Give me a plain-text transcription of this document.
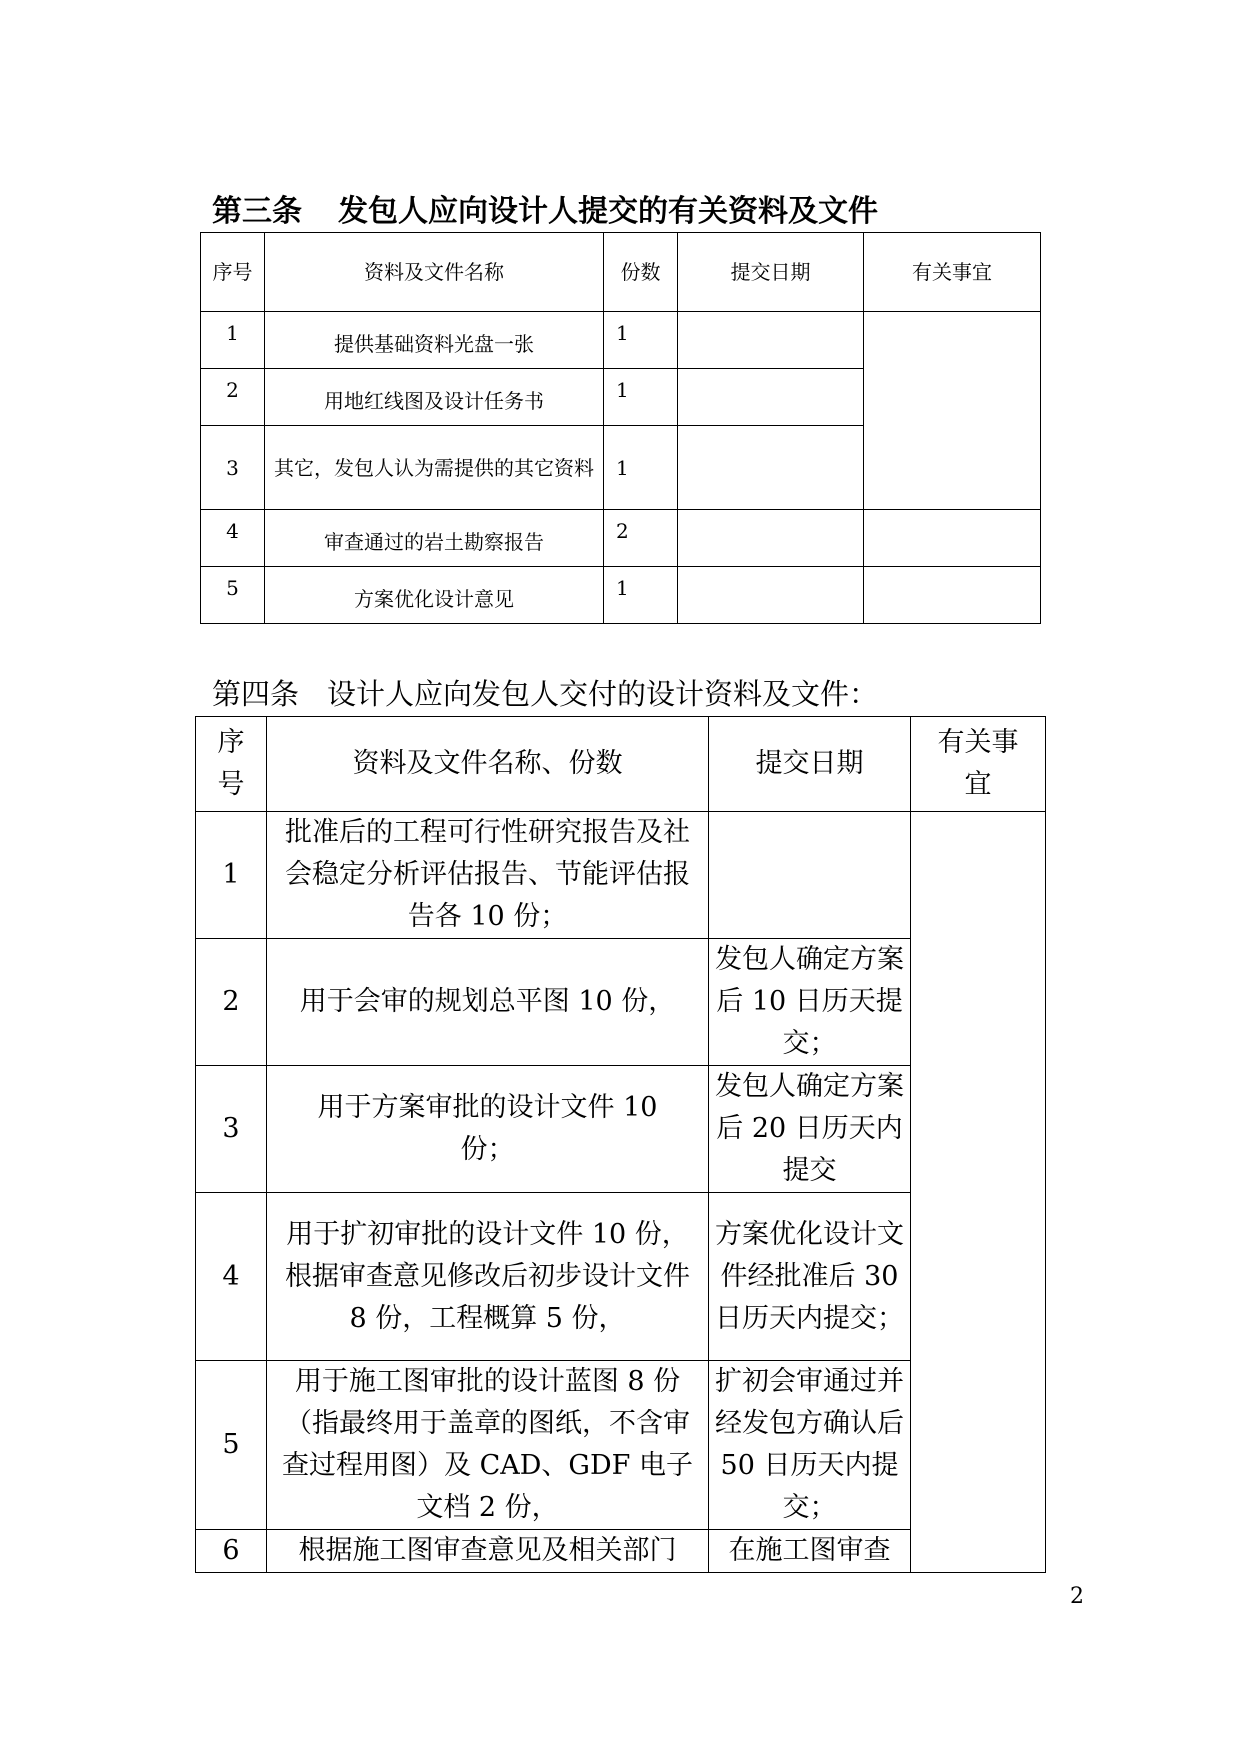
第三条 发包人应向设计人提交的有关资料及文件
序号	资料及文件名称	份数	提交日期	有关事宜
1	提供基础资料光盘一张	1		
2	用地红线图及设计任务书	1		
3	其它，发包人认为需提供的其它资料	1		
4	审查通过的岩土勘察报告	2		
5	方案优化设计意见	1		
第四条 设计人应向发包人交付的设计资料及文件：
序号	资料及文件名称、份数	提交日期	有关事宜
1	批准后的工程可行性研究报告及社会稳定分析评估报告、节能评估报告各 10 份；		
2	用于会审的规划总平图 10 份，	发包人确定方案后 10 日历天提交；	
3	用于方案审批的设计文件 10 份；	发包人确定方案后 20 日历天内提交	
4	用于扩初审批的设计文件 10 份，根据审查意见修改后初步设计文件 8 份，工程概算 5 份，	方案优化设计文件经批准后 30 日历天内提交；	
5	用于施工图审批的设计蓝图 8 份（指最终用于盖章的图纸，不含审查过程用图）及 CAD、GDF 电子文档 2 份，	扩初会审通过并经发包方确认后 50 日历天内提交；	
6	根据施工图审查意见及相关部门	在施工图审查	

2
